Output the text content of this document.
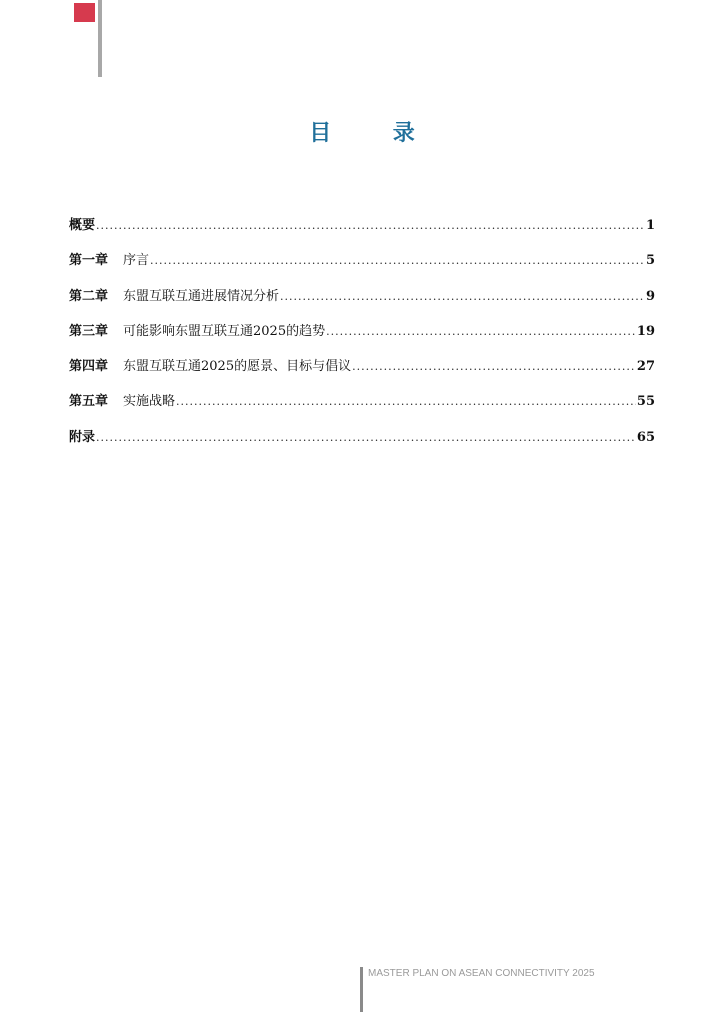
目　录
概要 .....	1
第一章 序言 .....	5
第二章 东盟互联互通进展情况分析 .....	9
第三章 可能影响东盟互联互通2025的趋势 .....	19
第四章 东盟互联互通2025的愿景、目标与倡议 .....	27
第五章 实施战略 .....	55
附录 .....	65
MASTER PLAN ON ASEAN CONNECTIVITY 2025
